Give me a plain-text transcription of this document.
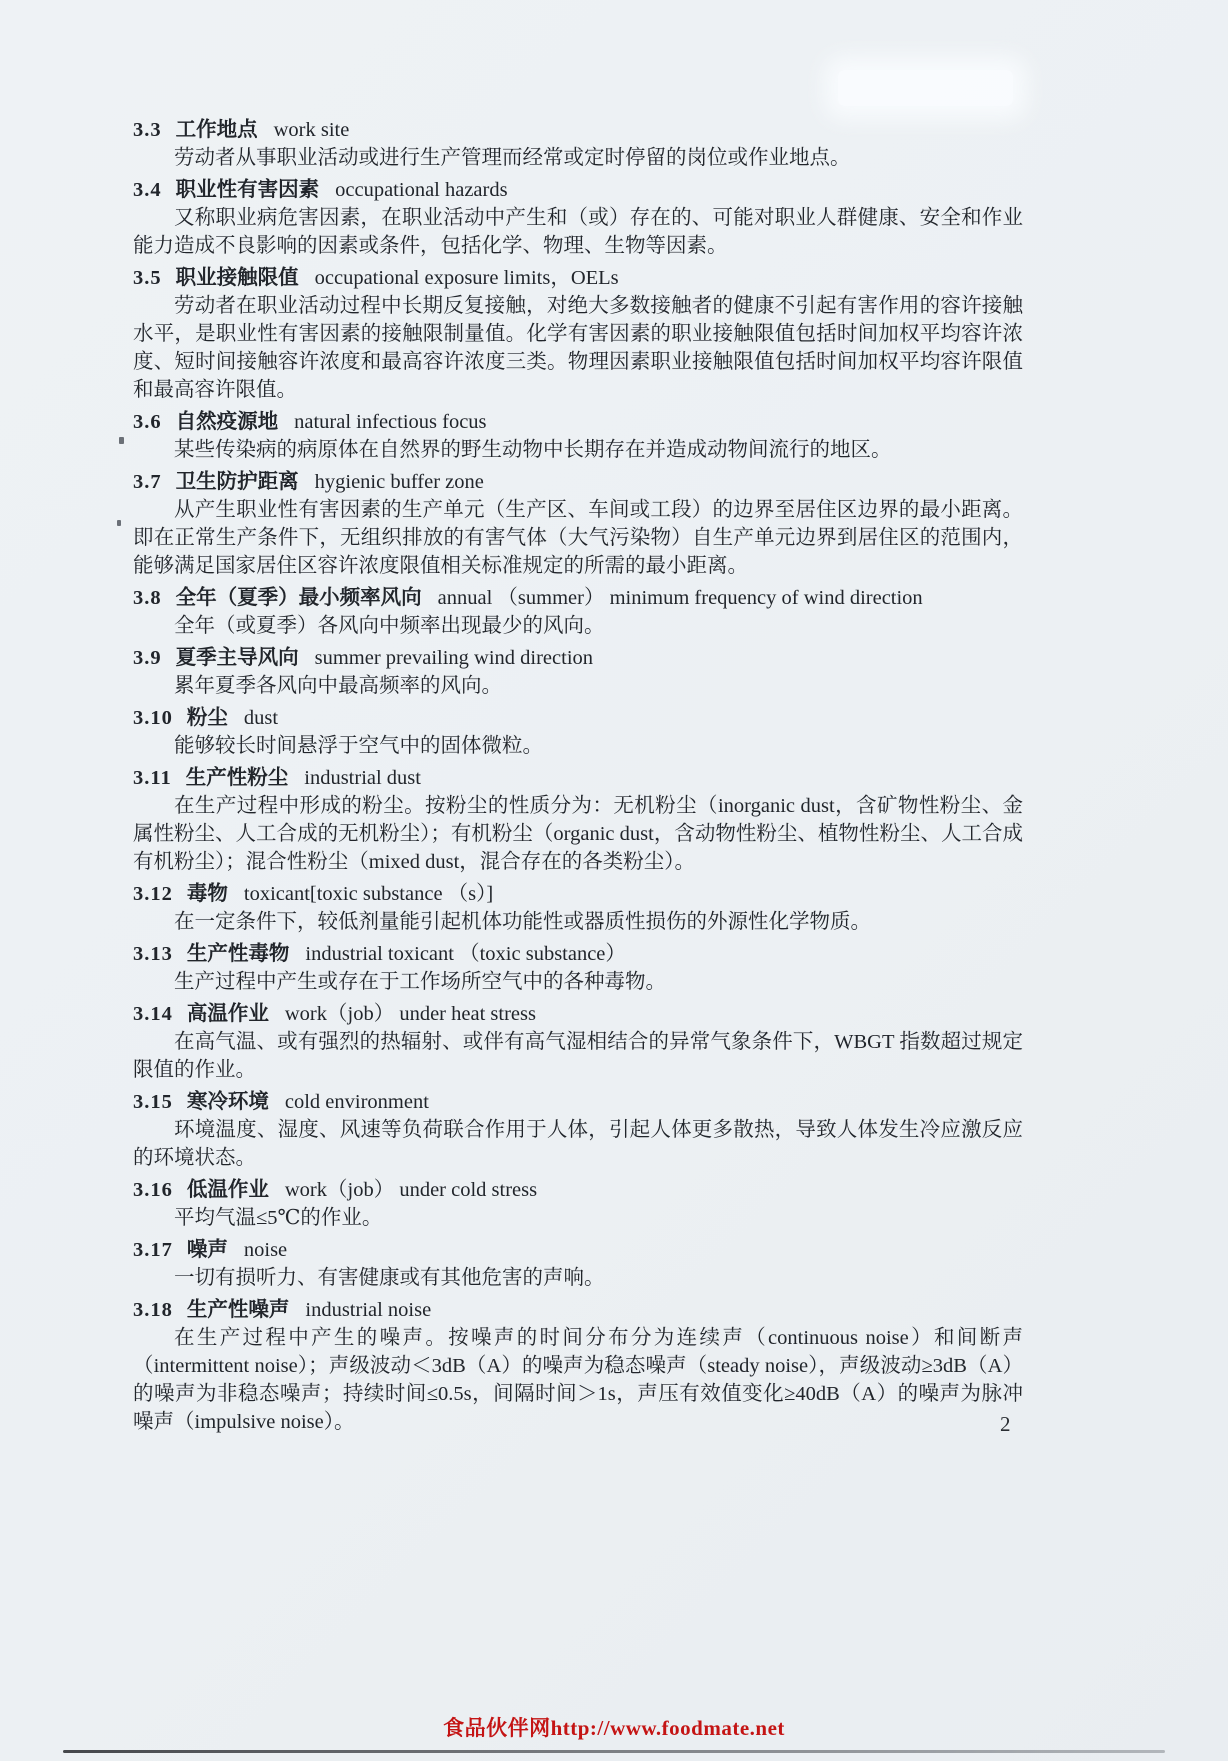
3.3 工作地点 work site

劳动者从事职业活动或进行生产管理而经常或定时停留的岗位或作业地点。

3.4 职业性有害因素 occupational hazards

又称职业病危害因素，在职业活动中产生和（或）存在的、可能对职业人群健康、安全和作业能力造成不良影响的因素或条件，包括化学、物理、生物等因素。

3.5 职业接触限值 occupational exposure limits，OELs

劳动者在职业活动过程中长期反复接触，对绝大多数接触者的健康不引起有害作用的容许接触水平，是职业性有害因素的接触限制量值。化学有害因素的职业接触限值包括时间加权平均容许浓度、短时间接触容许浓度和最高容许浓度三类。物理因素职业接触限值包括时间加权平均容许限值和最高容许限值。

3.6 自然疫源地 natural infectious focus

某些传染病的病原体在自然界的野生动物中长期存在并造成动物间流行的地区。

3.7 卫生防护距离 hygienic buffer zone

从产生职业性有害因素的生产单元（生产区、车间或工段）的边界至居住区边界的最小距离。即在正常生产条件下，无组织排放的有害气体（大气污染物）自生产单元边界到居住区的范围内，能够满足国家居住区容许浓度限值相关标准规定的所需的最小距离。

3.8 全年（夏季）最小频率风向 annual （summer） minimum frequency of wind direction

全年（或夏季）各风向中频率出现最少的风向。

3.9 夏季主导风向 summer prevailing wind direction

累年夏季各风向中最高频率的风向。

3.10 粉尘 dust

能够较长时间悬浮于空气中的固体微粒。

3.11 生产性粉尘 industrial dust

在生产过程中形成的粉尘。按粉尘的性质分为：无机粉尘（inorganic dust，含矿物性粉尘、金属性粉尘、人工合成的无机粉尘）；有机粉尘（organic dust，含动物性粉尘、植物性粉尘、人工合成有机粉尘）；混合性粉尘（mixed dust，混合存在的各类粉尘）。

3.12 毒物 toxicant[toxic substance （s）]

在一定条件下，较低剂量能引起机体功能性或器质性损伤的外源性化学物质。

3.13 生产性毒物 industrial toxicant （toxic substance）

生产过程中产生或存在于工作场所空气中的各种毒物。

3.14 高温作业 work（job） under heat stress

在高气温、或有强烈的热辐射、或伴有高气湿相结合的异常气象条件下，WBGT 指数超过规定限值的作业。

3.15 寒冷环境 cold environment

环境温度、湿度、风速等负荷联合作用于人体，引起人体更多散热，导致人体发生冷应激反应的环境状态。

3.16 低温作业 work（job） under cold stress

平均气温≤5℃的作业。

3.17 噪声 noise

一切有损听力、有害健康或有其他危害的声响。

3.18 生产性噪声 industrial noise

在生产过程中产生的噪声。按噪声的时间分布分为连续声（continuous noise）和间断声（intermittent noise）；声级波动＜3dB（A）的噪声为稳态噪声（steady noise），声级波动≥3dB（A）的噪声为非稳态噪声；持续时间≤0.5s，间隔时间＞1s，声压有效值变化≥40dB（A）的噪声为脉冲噪声（impulsive noise）。	2
食品伙伴网http://www.foodmate.net
